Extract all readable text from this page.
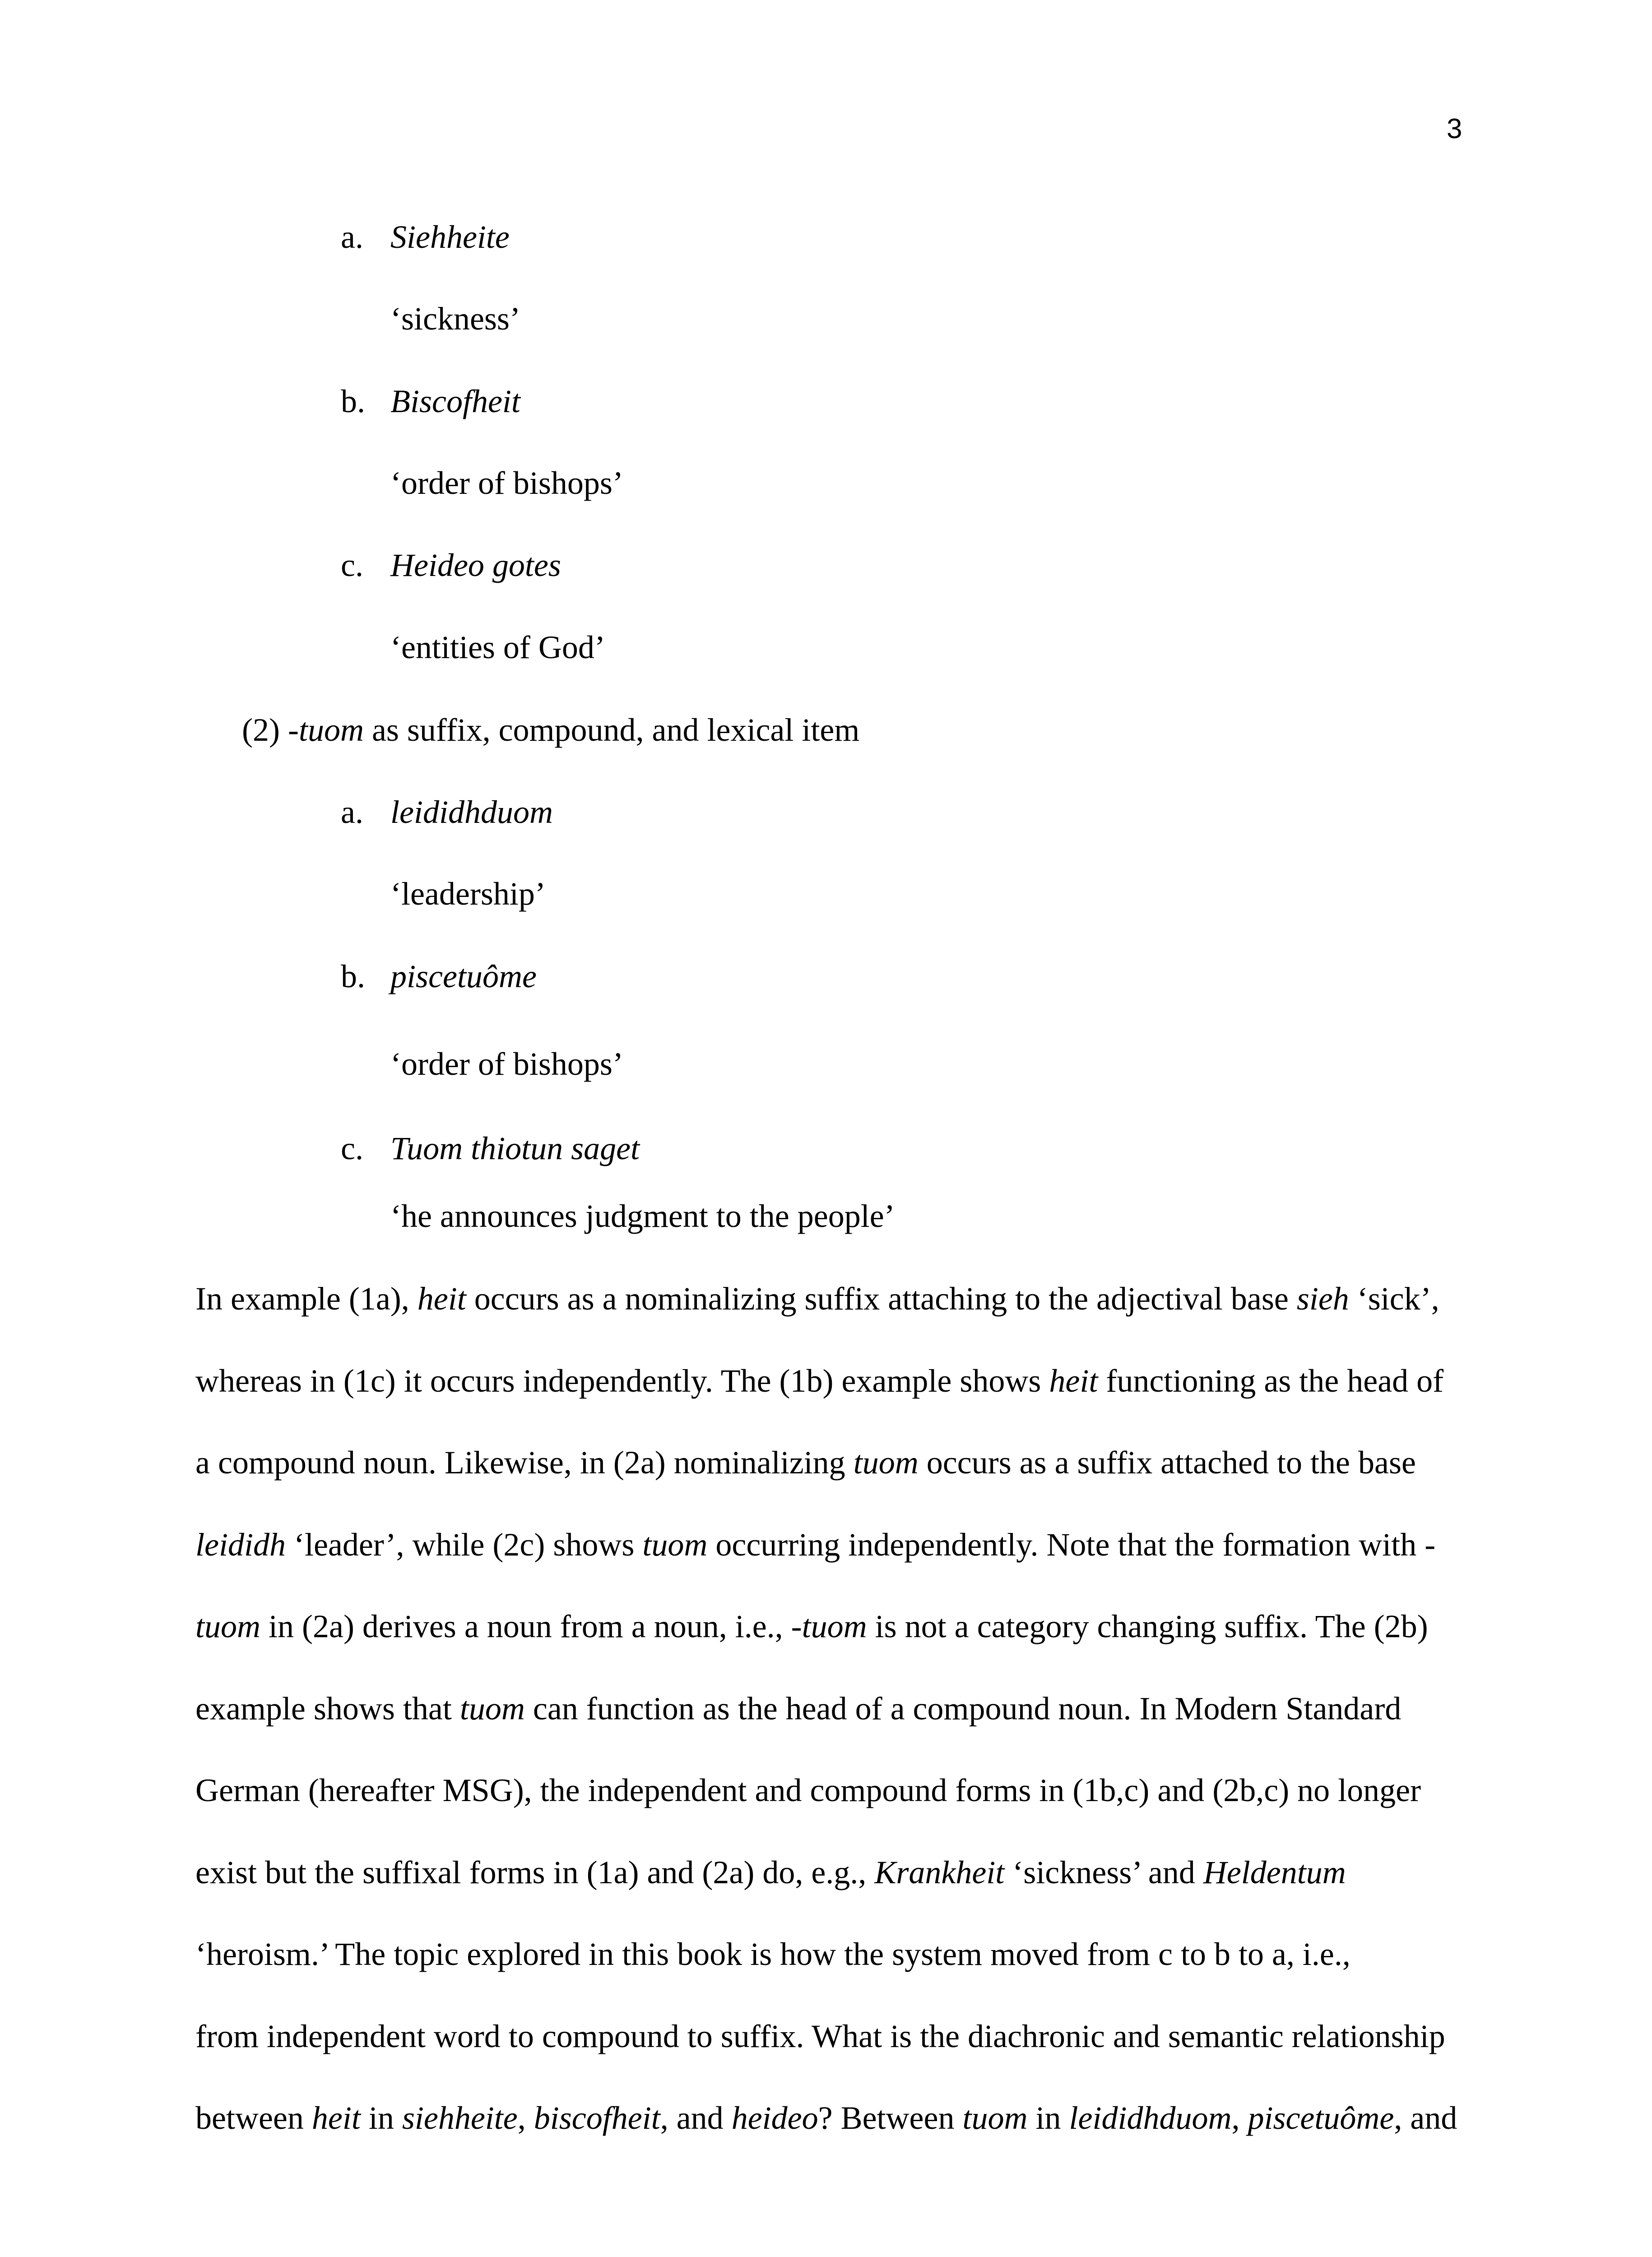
3
a. Siehheite
‘sickness’
b. Biscofheit
‘order of bishops’
c. Heideo gotes
‘entities of God’
(2) -tuom as suffix, compound, and lexical item
a. leididhduom
‘leadership’
b. piscetuôme
‘order of bishops’
c. Tuom thiotun saget
‘he announces judgment to the people’
In example (1a), heit occurs as a nominalizing suffix attaching to the adjectival base sieh ‘sick’,
whereas in (1c) it occurs independently. The (1b) example shows heit functioning as the head of
a compound noun. Likewise, in (2a) nominalizing tuom occurs as a suffix attached to the base
leididh ‘leader’, while (2c) shows tuom occurring independently. Note that the formation with -
tuom in (2a) derives a noun from a noun, i.e., -tuom is not a category changing suffix. The (2b)
example shows that tuom can function as the head of a compound noun. In Modern Standard
German (hereafter MSG), the independent and compound forms in (1b,c) and (2b,c) no longer
exist but the suffixal forms in (1a) and (2a) do, e.g., Krankheit ‘sickness’ and Heldentum
‘heroism.’ The topic explored in this book is how the system moved from c to b to a, i.e.,
from independent word to compound to suffix. What is the diachronic and semantic relationship
between heit in siehheite, biscofheit, and heideo? Between tuom in leididhduom, piscetuôme, and
